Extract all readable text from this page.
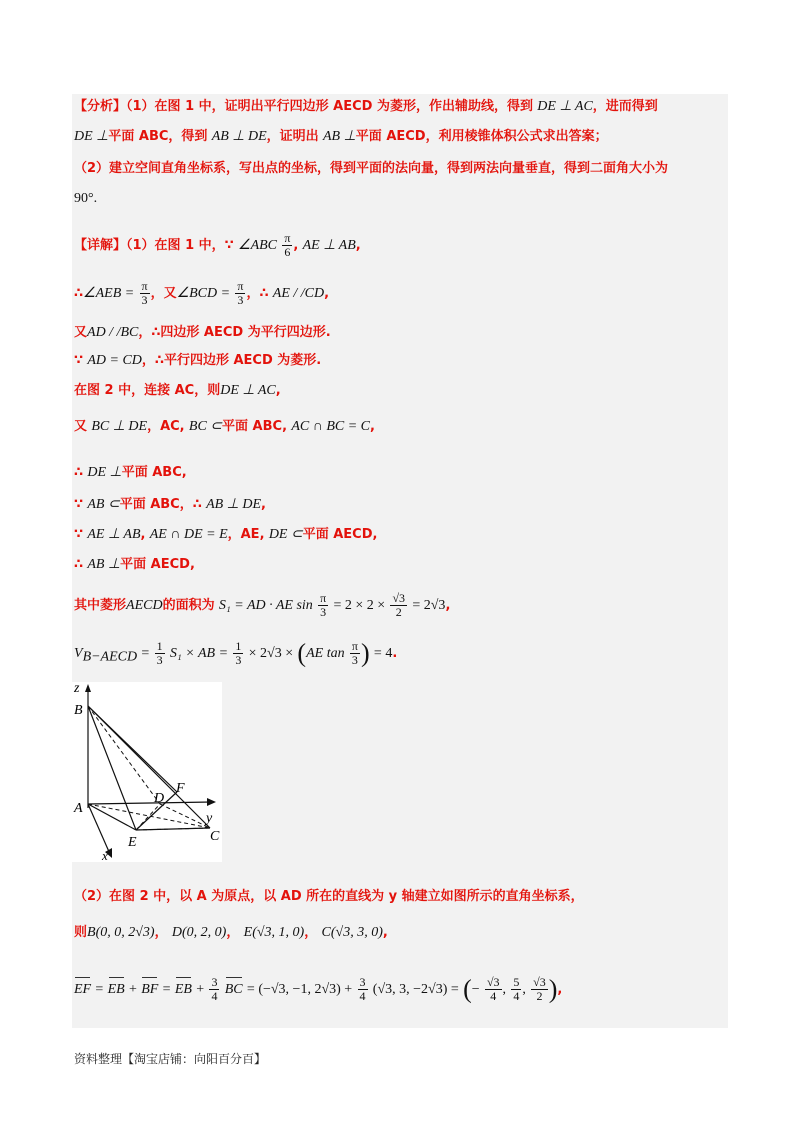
【分析】（1）在图 1 中，证明出平行四边形 AECD 为菱形，作出辅助线，得到 DE ⊥ AC，进而得到
DE ⊥平面 ABC，得到 AB ⊥ DE，证明出 AB ⊥平面 AECD，利用棱锥体积公式求出答案；
（2）建立空间直角坐标系，写出点的坐标，得到平面的法向量，得到两法向量垂直，得到二面角大小为
90°.
【详解】（1）在图 1 中，∵ ∠ABC $\frac{\pi}{6}$ , AE ⊥ AB,
∴∠AEB = $\frac{\pi}{3}$ ，又∠BCD = $\frac{\pi}{3}$ ，∴ AE / /CD,
又AD / /BC，∴四边形 AECD 为平行四边形.
∵ AD = CD，∴平行四边形 AECD 为菱形.
在图 2 中，连接 AC，则DE ⊥ AC,
又 BC ⊥ DE，AC, BC ⊂平面 ABC, AC ∩ BC = C,
∴ DE ⊥平面 ABC,
∵ AB ⊂平面 ABC，∴ AB ⊥ DE,
∵ AE ⊥ AB, AE ∩ DE = E，AE, DE ⊂平面 AECD,
∴ AB ⊥平面 AECD,
其中菱形AECD的面积为 S₁ = AD · AE $\sin \frac{\pi}{3} = 2 \times 2 \times \frac{√3}{2} = 2√3$,
$V_{B-AECD} = \frac{1}{3} S_1$ × AB = $\frac{1}{3} \times 2√3 \times (AE$ $\tan \frac{\pi}{3}$ ) = 4.
z
B
F
D
y
A
E	C
x
（2）在图 2 中，以 A 为原点，以 AD 所在的直线为 y 轴建立如图所示的直角坐标系，
则B(0, 0, 2√3)， D(0, 2, 0)， E(√3, 1, 0)， C(√3, 3, 0),
EF = EB + BF = EB + $\frac{3}{4}$ BC = (−√3, −1, $2√3) + \frac{3}{4} (√3$, 3, −2√3) = (− $\frac{√3}{4}$ , $\frac{5}{4}$ , $\frac{√3}{2}$ ),
资料整理【淘宝店铺：向阳百分百】
